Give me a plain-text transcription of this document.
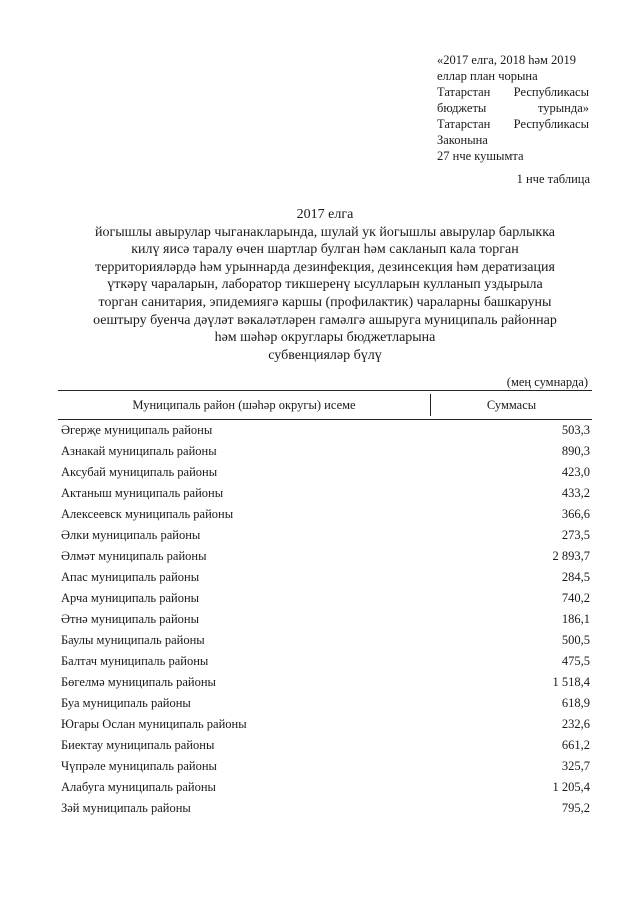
«2017 елга, 2018 һәм 2019
еллар план чорына
Татарстан Республикасы
бюджеты турында»
Татарстан Республикасы
Законына
27 нче кушымта
1 нче таблица
2017 елга
йогышлы авырулар чыганакларында, шулай ук йогышлы авырулар барлыкка
килү яисә таралу өчен шартлар булган һәм сакланып кала торган
территорияләрдә һәм урыннарда дезинфекция, дезинсекция һәм дератизация
үткәрү чараларын, лаборатор тикшеренү ысулларын кулланып уздырыла
торган санитария, эпидемиягә каршы (профилактик) чараларны башкаруны
оештыру буенча дәүләт вәкаләтләрен гамәлгә ашыруга муниципаль районнар
һәм шәһәр округлары бюджетларына
субвенцияләр бүлү
(мең сумнарда)
Муниципаль район (шәһәр округы) исеме	Суммасы
Әгерҗе муниципаль районы	503,3
Азнакай муниципаль районы	890,3
Аксубай муниципаль районы	423,0
Актаныш муниципаль районы	433,2
Алексеевск муниципаль районы	366,6
Әлки муниципаль районы	273,5
Әлмәт муниципаль районы	2 893,7
Апас муниципаль районы	284,5
Арча муниципаль районы	740,2
Әтнә муниципаль районы	186,1
Баулы муниципаль районы	500,5
Балтач муниципаль районы	475,5
Бөгелмә муниципаль районы	1 518,4
Буа муниципаль районы	618,9
Югары Ослан муниципаль районы	232,6
Биектау муниципаль районы	661,2
Чүпрәле муниципаль районы	325,7
Алабуга муниципаль районы	1 205,4
Зәй муниципаль районы	795,2
